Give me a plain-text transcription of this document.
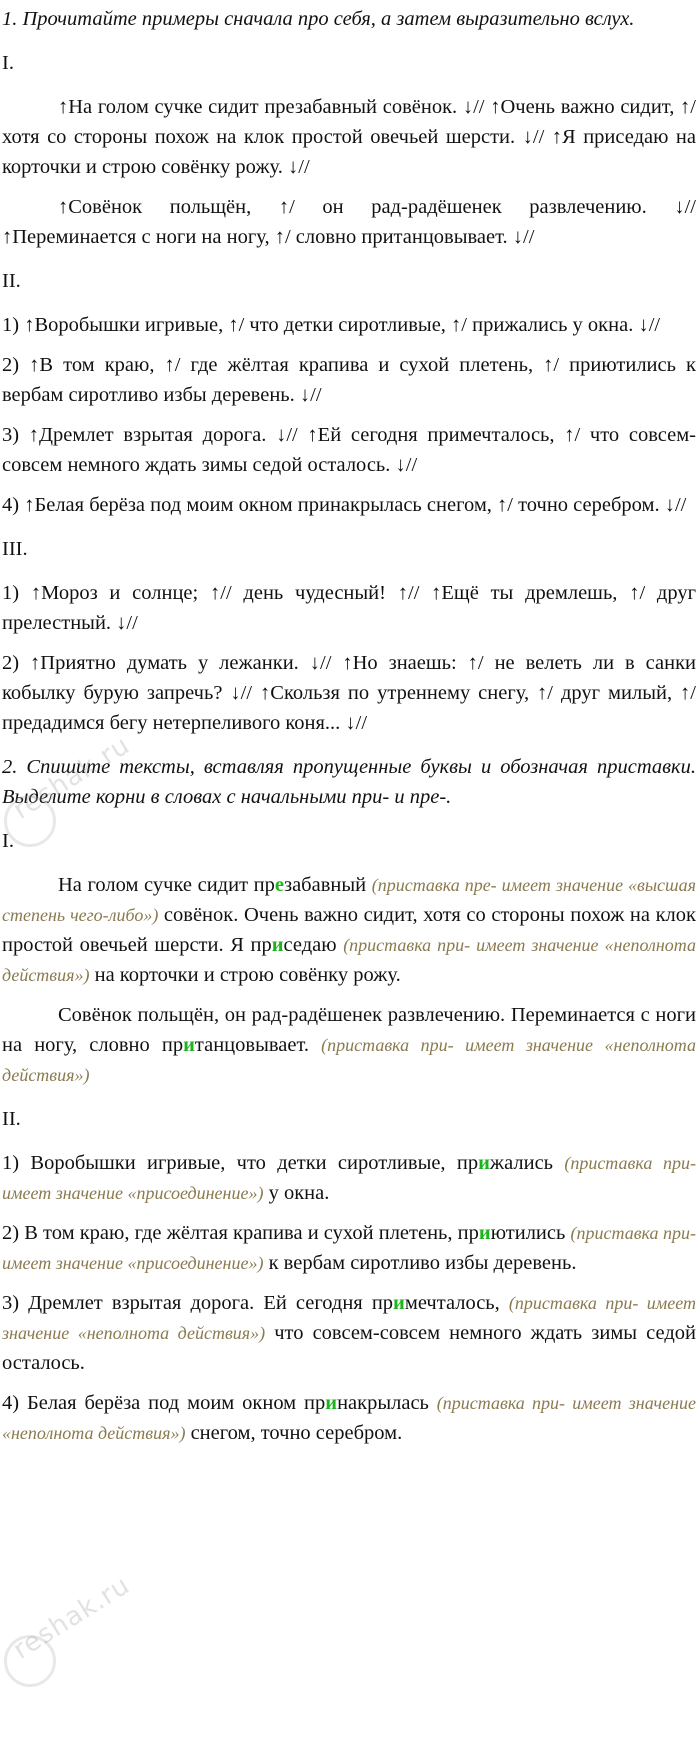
1. Прочитайте примеры сначала про себя, а затем выразительно вслух.

I.

↑На голом сучке сидит презабавный совёнок. ↓// ↑Очень важно сидит, ↑/ хотя со стороны похож на клок простой овечьей шерсти. ↓// ↑Я приседаю на корточки и строю совёнку рожу. ↓//

↑Совёнок польщён, ↑/ он рад-радёшенек развлечению. ↓// ↑Переминается с ноги на ногу, ↑/ словно пританцовывает. ↓//

II.

1) ↑Воробышки игривые, ↑/ что детки сиротливые, ↑/ прижались у окна. ↓//

2) ↑В том краю, ↑/ где жёлтая крапива и сухой плетень, ↑/ приютились к вербам сиротливо избы деревень. ↓//

3) ↑Дремлет взрытая дорога. ↓// ↑Ей сегодня примечталось, ↑/ что совсем-совсем немного ждать зимы седой осталось. ↓//

4) ↑Белая берёза под моим окном принакрылась снегом, ↑/ точно серебром. ↓//

III.

1) ↑Мороз и солнце; ↑// день чудесный! ↑// ↑Ещё ты дремлешь, ↑/ друг прелестный. ↓//

2) ↑Приятно думать у лежанки. ↓// ↑Но знаешь: ↑/ не велеть ли в санки кобылку бурую запречь? ↓// ↑Скользя по утреннему снегу, ↑/ друг милый, ↑/ предадимся бегу нетерпеливого коня... ↓//

2. Спишите тексты, вставляя пропущенные буквы и обозначая приставки. Выделите корни в словах с начальными при- и пре-.

I.

На голом сучке сидит презабавный (приставка пре- имеет значение «высшая степень чего-либо») совёнок. Очень важно сидит, хотя со стороны похож на клок простой овечьей шерсти. Я приседаю (приставка при- имеет значение «неполнота действия») на корточки и строю совёнку рожу.

Совёнок польщён, он рад-радёшенек развлечению. Переминается с ноги на ногу, словно пританцовывает. (приставка при- имеет значение «неполнота действия»)

II.

1) Воробышки игривые, что детки сиротливые, прижались (приставка при- имеет значение «присоединение») у окна.

2) В том краю, где жёлтая крапива и сухой плетень, приютились (приставка при- имеет значение «присоединение») к вербам сиротливо избы деревень.

3) Дремлет взрытая дорога. Ей сегодня примечталось, (приставка при- имеет значение «неполнота действия») что совсем-совсем немного ждать зимы седой осталось.

4) Белая берёза под моим окном принакрылась (приставка при- имеет значение «неполнота действия») снегом, точно серебром.

reshak.ru
reshak.ru
